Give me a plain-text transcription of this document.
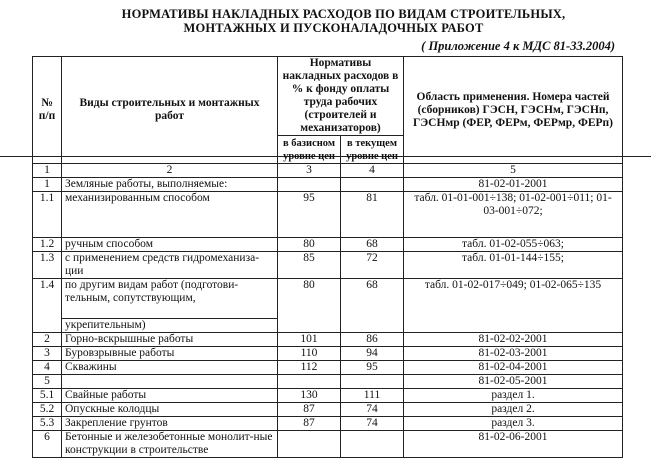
НОРМАТИВЫ НАКЛАДНЫХ РАСХОДОВ ПО ВИДАМ СТРОИТЕЛЬНЫХ,
МОНТАЖНЫХ И ПУСКОНАЛАДОЧНЫХ РАБОТ
( Приложение 4 к МДС 81-33.2004)
№ п/п	Виды строительных и монтажных работ	Нормативы накладных расходов в % к фонду оплаты труда рабочих (строителей и механизаторов)		Область применения. Номера частей (сборников) ГЭСН, ГЭСНм, ГЭСНп, ГЭСНмр (ФЕР, ФЕРм, ФЕРмр, ФЕРп)
		в базисном уровне цен	в текущем уровне цен	
1	2	3	4	5
1	Земляные работы, выполняемые:			81-02-01-2001
1.1	механизированным способом	95	81	табл. 01-01-001÷138; 01-02-001÷011; 01-03-001÷072;
1.2	ручным способом	80	68	табл. 01-02-055÷063;
1.3	с применением средств гидромеханиза-ции	85	72	табл. 01-01-144÷155;
1.4	по другим видам работ (подготови-тельным, сопутствующим,	80	68	табл. 01-02-017÷049; 01-02-065÷135
	укрепительным)			
2	Горно-вскрышные работы	101	86	81-02-02-2001
3	Буровзрывные работы	110	94	81-02-03-2001
4	Скважины	112	95	81-02-04-2001
5				81-02-05-2001
5.1	Свайные работы	130	111	раздел 1.
5.2	Опускные колодцы	87	74	раздел 2.
5.3	Закрепление грунтов	87	74	раздел 3.
6	Бетонные и железобетонные монолит-ные конструкции в строительстве			81-02-06-2001
